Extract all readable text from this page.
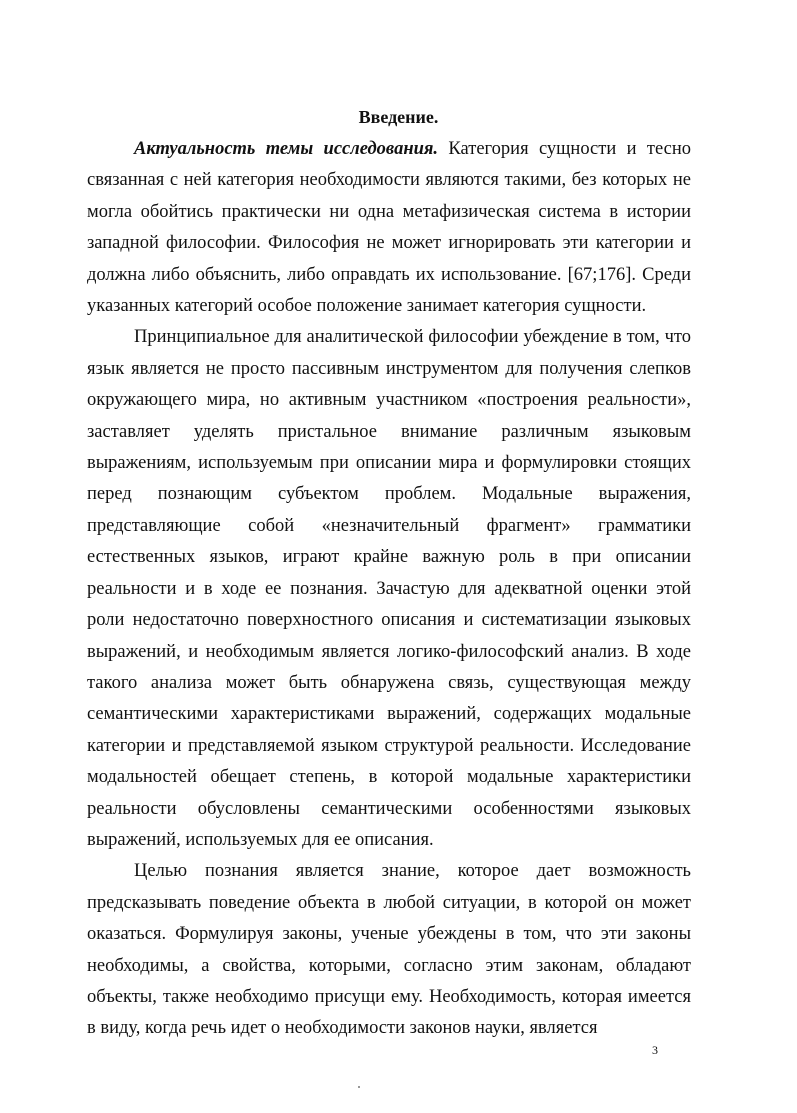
Введение.

Актуальность темы исследования. Категория сущности и тесно связанная с ней категория необходимости являются такими, без которых не могла обойтись практически ни одна метафизическая система в истории западной философии. Философия не может игнорировать эти категории и должна либо объяснить, либо оправдать их использование. [67;176]. Среди указанных категорий особое положение занимает категория сущности.

Принципиальное для аналитической философии убеждение в том, что язык является не просто пассивным инструментом для получения слепков окружающего мира, но активным участником «построения реальности», заставляет уделять пристальное внимание различным языковым выражениям, используемым при описании мира и формулировки стоящих перед познающим субъектом проблем. Модальные выражения, представляющие собой «незначительный фрагмент» грамматики естественных языков, играют крайне важную роль в при описании реальности и в ходе ее познания. Зачастую для адекватной оценки этой роли недостаточно поверхностного описания и систематизации языковых выражений, и необходимым является логико-философский анализ. В ходе такого анализа может быть обнаружена связь, существующая между семантическими характеристиками выражений, содержащих модальные категории и представляемой языком структурой реальности. Исследование модальностей обещает степень, в которой модальные характеристики реальности обусловлены семантическими особенностями языковых выражений, используемых для ее описания.

Целью познания является знание, которое дает возможность предсказывать поведение объекта в любой ситуации, в которой он может оказаться. Формулируя законы, ученые убеждены в том, что эти законы необходимы, а свойства, которыми, согласно этим законам, обладают объекты, также необходимо присущи ему. Необходимость, которая имеется в виду, когда речь идет о необходимости законов науки, является

3
